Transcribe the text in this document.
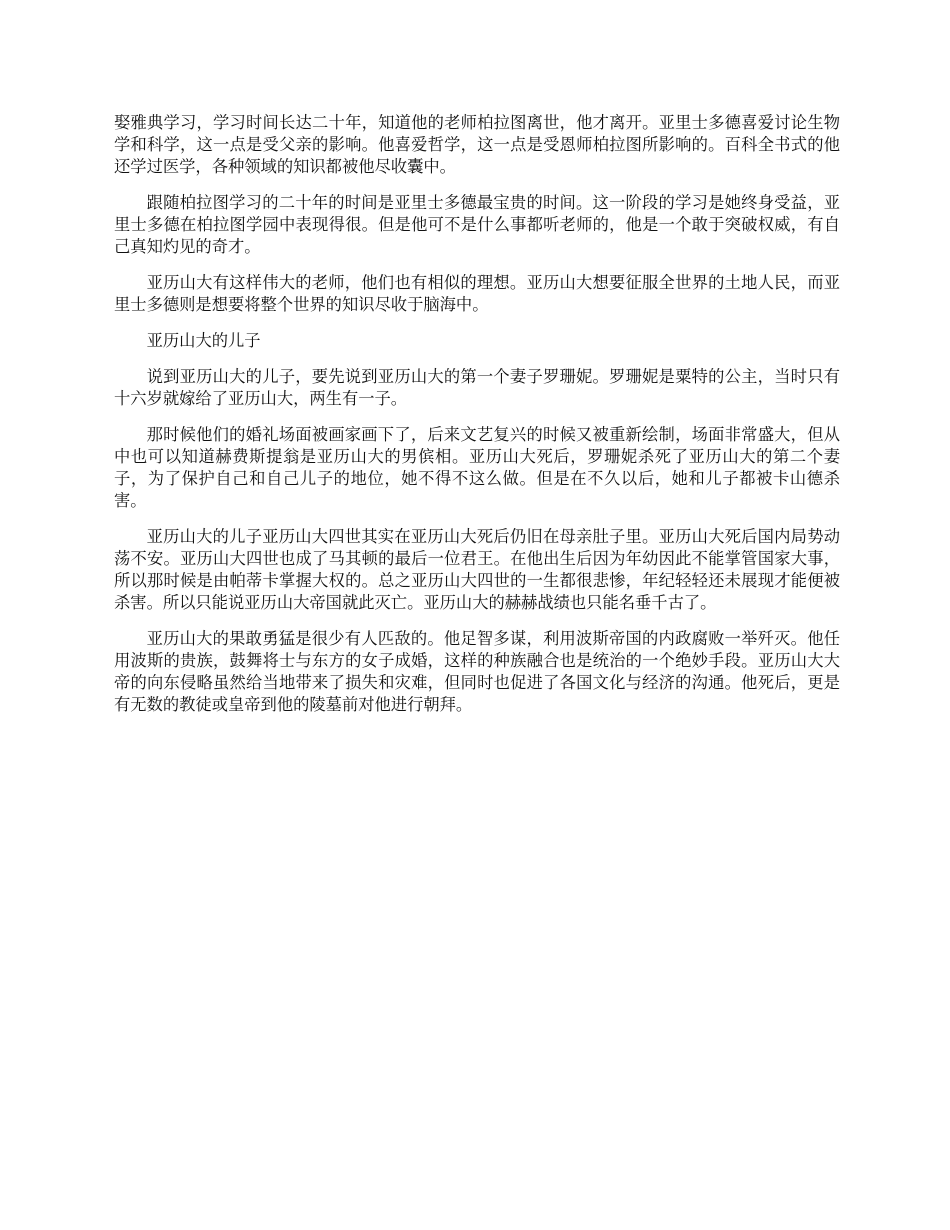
娶雅典学习，学习时间长达二十年，知道他的老师柏拉图离世，他才离开。亚里士多德喜爱讨论生物学和科学，这一点是受父亲的影响。他喜爱哲学，这一点是受恩师柏拉图所影响的。百科全书式的他还学过医学，各种领域的知识都被他尽收囊中。

跟随柏拉图学习的二十年的时间是亚里士多德最宝贵的时间。这一阶段的学习是她终身受益，亚里士多德在柏拉图学园中表现得很。但是他可不是什么事都听老师的，他是一个敢于突破权威，有自己真知灼见的奇才。

亚历山大有这样伟大的老师，他们也有相似的理想。亚历山大想要征服全世界的土地人民，而亚里士多德则是想要将整个世界的知识尽收于脑海中。

亚历山大的儿子

说到亚历山大的儿子，要先说到亚历山大的第一个妻子罗珊妮。罗珊妮是粟特的公主，当时只有十六岁就嫁给了亚历山大，两生有一子。

那时候他们的婚礼场面被画家画下了，后来文艺复兴的时候又被重新绘制，场面非常盛大，但从中也可以知道赫费斯提翁是亚历山大的男傧相。亚历山大死后，罗珊妮杀死了亚历山大的第二个妻子，为了保护自己和自己儿子的地位，她不得不这么做。但是在不久以后，她和儿子都被卡山德杀害。

亚历山大的儿子亚历山大四世其实在亚历山大死后仍旧在母亲肚子里。亚历山大死后国内局势动荡不安。亚历山大四世也成了马其顿的最后一位君王。在他出生后因为年幼因此不能掌管国家大事，所以那时候是由帕蒂卡掌握大权的。总之亚历山大四世的一生都很悲惨，年纪轻轻还未展现才能便被杀害。所以只能说亚历山大帝国就此灭亡。亚历山大的赫赫战绩也只能名垂千古了。

亚历山大的果敢勇猛是很少有人匹敌的。他足智多谋，利用波斯帝国的内政腐败一举歼灭。他任用波斯的贵族，鼓舞将士与东方的女子成婚，这样的种族融合也是统治的一个绝妙手段。亚历山大大帝的向东侵略虽然给当地带来了损失和灾难，但同时也促进了各国文化与经济的沟通。他死后，更是有无数的教徒或皇帝到他的陵墓前对他进行朝拜。
